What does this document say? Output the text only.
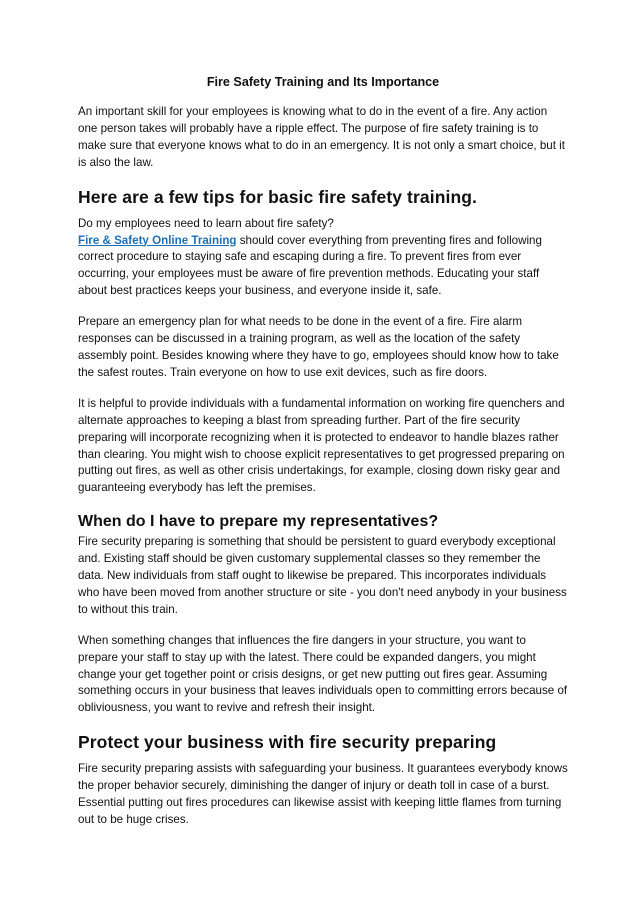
Fire Safety Training and Its Importance

An important skill for your employees is knowing what to do in the event of a fire. Any action one person takes will probably have a ripple effect. The purpose of fire safety training is to make sure that everyone knows what to do in an emergency. It is not only a smart choice, but it is also the law.

Here are a few tips for basic fire safety training.

Do my employees need to learn about fire safety?
Fire & Safety Online Training should cover everything from preventing fires and following correct procedure to staying safe and escaping during a fire. To prevent fires from ever occurring, your employees must be aware of fire prevention methods. Educating your staff about best practices keeps your business, and everyone inside it, safe.

Prepare an emergency plan for what needs to be done in the event of a fire. Fire alarm responses can be discussed in a training program, as well as the location of the safety assembly point. Besides knowing where they have to go, employees should know how to take the safest routes. Train everyone on how to use exit devices, such as fire doors.

It is helpful to provide individuals with a fundamental information on working fire quenchers and alternate approaches to keeping a blast from spreading further. Part of the fire security preparing will incorporate recognizing when it is protected to endeavor to handle blazes rather than clearing. You might wish to choose explicit representatives to get progressed preparing on putting out fires, as well as other crisis undertakings, for example, closing down risky gear and guaranteeing everybody has left the premises.

When do I have to prepare my representatives?

Fire security preparing is something that should be persistent to guard everybody exceptional and. Existing staff should be given customary supplemental classes so they remember the data. New individuals from staff ought to likewise be prepared. This incorporates individuals who have been moved from another structure or site - you don't need anybody in your business to without this train.

When something changes that influences the fire dangers in your structure, you want to prepare your staff to stay up with the latest. There could be expanded dangers, you might change your get together point or crisis designs, or get new putting out fires gear. Assuming something occurs in your business that leaves individuals open to committing errors because of obliviousness, you want to revive and refresh their insight.

Protect your business with fire security preparing

Fire security preparing assists with safeguarding your business. It guarantees everybody knows the proper behavior securely, diminishing the danger of injury or death toll in case of a burst. Essential putting out fires procedures can likewise assist with keeping little flames from turning out to be huge crises.
